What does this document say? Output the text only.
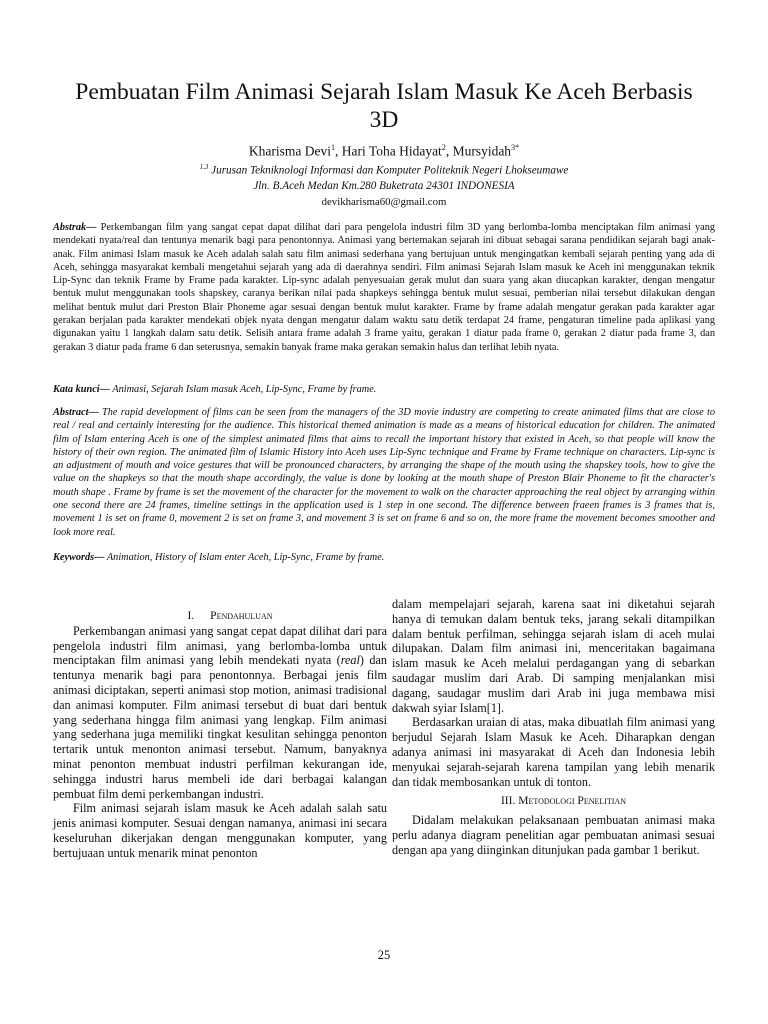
Pembuatan Film Animasi Sejarah Islam Masuk Ke Aceh Berbasis 3D
Kharisma Devi$^1$, Hari Toha Hidayat$^2$, Mursyidah$^{3*}$
$^{1,3}$ Jurusan Tekniknologi Informasi dan Komputer Politeknik Negeri Lhokseumawe
Jln. B.Aceh Medan Km.280 Buketrata 24301 INDONESIA
devikharisma60@gmail.com

Abstrak— Perkembangan film yang sangat cepat dapat dilihat dari para pengelola industri film 3D yang berlomba-lomba menciptakan film animasi yang mendekati nyata/real dan tentunya menarik bagi para penontonnya. Animasi yang bertemakan sejarah ini dibuat sebagai sarana pendidikan sejarah bagi anak-anak. Film animasi Islam masuk ke Aceh adalah salah satu film animasi sederhana yang bertujuan untuk mengingatkan kembali sejarah penting yang ada di Aceh, sehingga masyarakat kembali mengetahui sejarah yang ada di daerahnya sendiri. Film animasi Sejarah Islam masuk ke Aceh ini menggunakan teknik Lip-Sync dan teknik Frame by Frame pada karakter. Lip-sync adalah penyesuaian gerak mulut dan suara yang akan diucapkan karakter, dengan mengatur bentuk mulut menggunakan tools shapskey, caranya berikan nilai pada shapkeys sehingga bentuk mulut sesuai, pemberian nilai tersebut dilakukan dengan melihat bentuk mulut dari Preston Blair Phoneme agar sesuai dengan bentuk mulut karakter. Frame by frame adalah mengatur gerakan pada karakter agar gerakan berjalan pada karakter mendekati objek nyata dengan mengatur dalam waktu satu detik terdapat 24 frame, pengaturan timeline pada aplikasi yang digunakan yaitu 1 langkah dalam satu detik. Selisih antara frame adalah 3 frame yaitu, gerakan 1 diatur pada frame 0, gerakan 2 diatur pada frame 3, dan gerakan 3 diatur pada frame 6 dan seterusnya, semakin banyak frame maka gerakan semakin halus dan terlihat lebih nyata.

Kata kunci— Animasi, Sejarah Islam masuk Aceh, Lip-Sync, Frame by frame.

Abstract— The rapid development of films can be seen from the managers of the 3D movie industry are competing to create animated films that are close to real / real and certainly interesting for the audience. This historical themed animation is made as a means of historical education for children. The animated film of Islam entering Aceh is one of the simplest animated films that aims to recall the important history that existed in Aceh, so that people will know the history of their own region. The animated film of Islamic History into Aceh uses Lip-Sync technique and Frame by Frame technique on characters. Lip-sync is an adjustment of mouth and voice gestures that will be pronounced characters, by arranging the shape of the mouth using the shapskey tools, how to give the value on the shapkeys so that the mouth shape accordingly, the value is done by looking at the mouth shape of Preston Blair Phoneme to fit the character's mouth shape . Frame by frame is set the movement of the character for the movement to walk on the character approaching the real object by arranging within one second there are 24 frames, timeline settings in the application used is 1 step in one second. The difference between fraeen frames is 3 frames that is, movement 1 is set on frame 0, movement 2 is set on frame 3, and movement 3 is set on frame 6 and so on, the more frame the movement becomes smoother and look more real.

Keywords— Animation, History of Islam enter Aceh, Lip-Sync, Frame by frame.

I. Pendahuluan

Perkembangan animasi yang sangat cepat dapat dilihat dari para pengelola industri film animasi, yang berlomba-lomba untuk menciptakan film animasi yang lebih mendekati nyata (real) dan tentunya menarik bagi para penontonnya. Berbagai jenis film animasi diciptakan, seperti animasi stop motion, animasi tradisional dan animasi komputer. Film animasi tersebut di buat dari bentuk yang sederhana hingga film animasi yang lengkap. Film animasi yang sederhana juga memiliki tingkat kesulitan sehingga penonton tertarik untuk menonton animasi tersebut. Namum, banyaknya minat penonton membuat industri perfilman kekurangan ide, sehingga industri harus membeli ide dari berbagai kalangan pembuat film demi perkembangan industri.

Film animasi sejarah islam masuk ke Aceh adalah salah satu jenis animasi komputer. Sesuai dengan namanya, animasi ini secara keseluruhan dikerjakan dengan menggunakan komputer, yang bertujuaan untuk menarik minat penonton

dalam mempelajari sejarah, karena saat ini diketahui sejarah hanya di temukan dalam bentuk teks, jarang sekali ditampilkan dalam bentuk perfilman, sehingga sejarah islam di aceh mulai dilupakan. Dalam film animasi ini, menceritakan bagaimana islam masuk ke Aceh melalui perdagangan yang di sebarkan saudagar muslim dari Arab. Di samping menjalankan misi dagang, saudagar muslim dari Arab ini juga membawa misi dakwah syiar Islam[1].

Berdasarkan uraian di atas, maka dibuatlah film animasi yang berjudul Sejarah Islam Masuk ke Aceh. Diharapkan dengan adanya animasi ini masyarakat di Aceh dan Indonesia lebih menyukai sejarah-sejarah karena tampilan yang lebih menarik dan tidak membosankan untuk di tonton.

III. Metodologi Penelitian

Didalam melakukan pelaksanaan pembuatan animasi maka perlu adanya diagram penelitian agar pembuatan animasi sesuai dengan apa yang diinginkan ditunjukan pada gambar 1 berikut.

25
